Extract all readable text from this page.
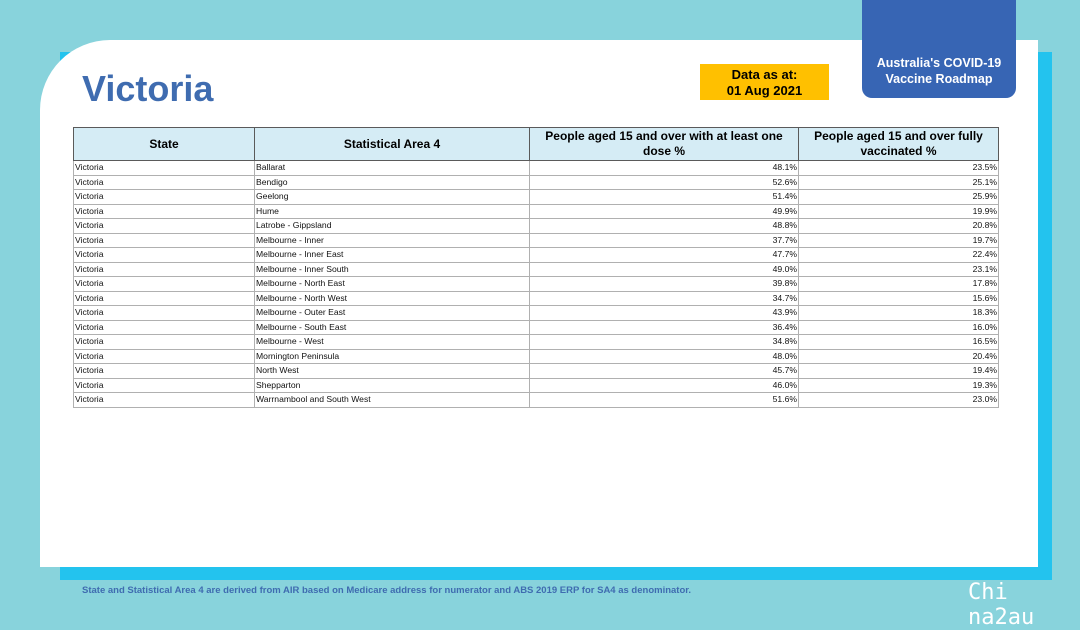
Australia's COVID-19
Vaccine Roadmap
Victoria	Data as at:
01 Aug 2021
State	Statistical Area 4	People aged 15 and over with at least one dose %	People aged 15 and over fully vaccinated %
Victoria	Ballarat	48.1%	23.5%
Victoria	Bendigo	52.6%	25.1%
Victoria	Geelong	51.4%	25.9%
Victoria	Hume	49.9%	19.9%
Victoria	Latrobe - Gippsland	48.8%	20.8%
Victoria	Melbourne - Inner	37.7%	19.7%
Victoria	Melbourne - Inner East	47.7%	22.4%
Victoria	Melbourne - Inner South	49.0%	23.1%
Victoria	Melbourne - North East	39.8%	17.8%
Victoria	Melbourne - North West	34.7%	15.6%
Victoria	Melbourne - Outer East	43.9%	18.3%
Victoria	Melbourne - South East	36.4%	16.0%
Victoria	Melbourne - West	34.8%	16.5%
Victoria	Mornington Peninsula	48.0%	20.4%
Victoria	North West	45.7%	19.4%
Victoria	Shepparton	46.0%	19.3%
Victoria	Warrnambool and South West	51.6%	23.0%
State and Statistical Area 4 are derived from AIR based on Medicare address for numerator and ABS 2019 ERP for SA4 as denominator.	Chi na2au
